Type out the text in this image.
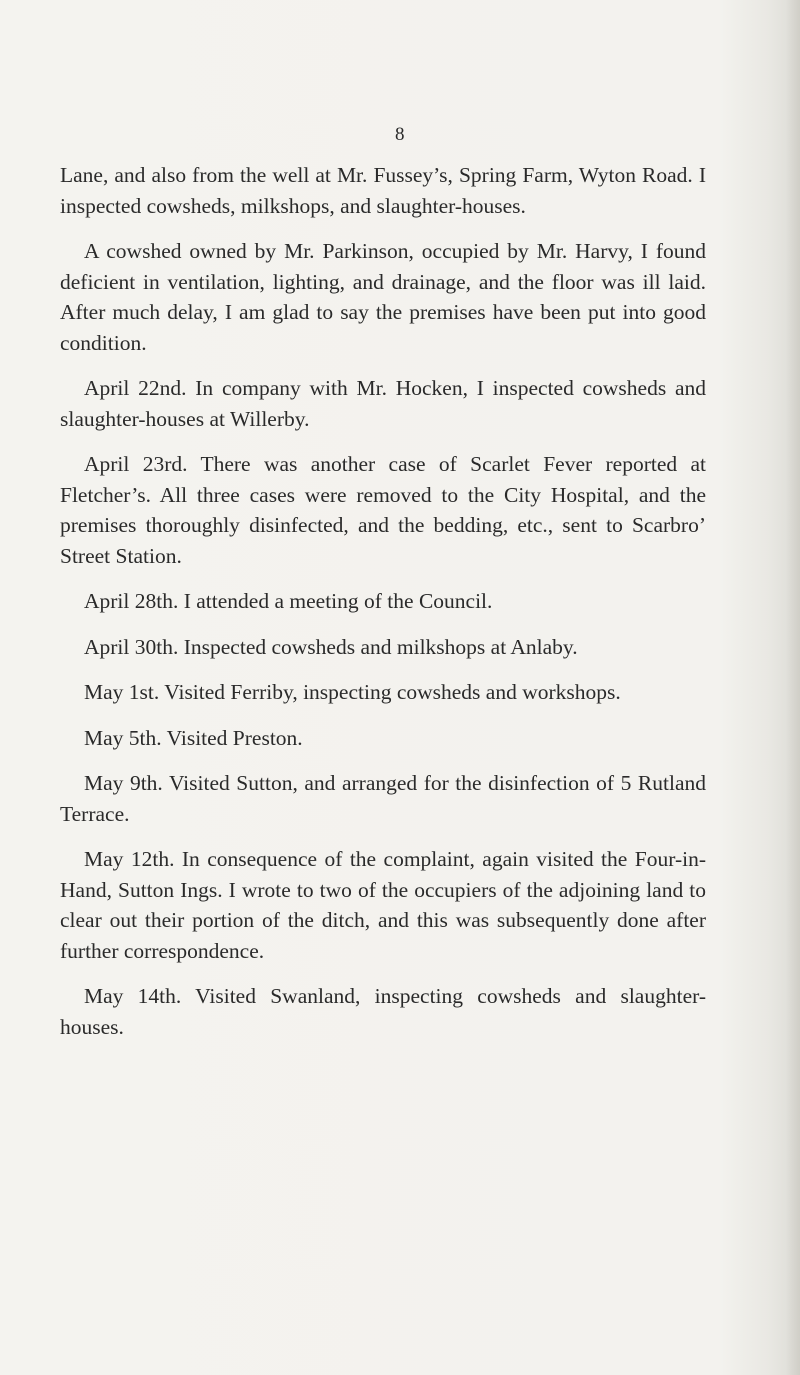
8

Lane, and also from the well at Mr. Fussey’s, Spring Farm, Wyton Road. I inspected cowsheds, milkshops, and slaughter-houses.

A cowshed owned by Mr. Parkinson, occupied by Mr. Harvy, I found deficient in ventilation, lighting, and drainage, and the floor was ill laid. After much delay, I am glad to say the premises have been put into good condition.

April 22nd. In company with Mr. Hocken, I inspected cowsheds and slaughter-houses at Willerby.

April 23rd. There was another case of Scarlet Fever reported at Fletcher’s. All three cases were removed to the City Hospital, and the premises thoroughly disinfected, and the bedding, etc., sent to Scarbro’ Street Station.

April 28th. I attended a meeting of the Council.

April 30th. Inspected cowsheds and milkshops at Anlaby.

May 1st. Visited Ferriby, inspecting cowsheds and workshops.

May 5th. Visited Preston.

May 9th. Visited Sutton, and arranged for the disinfection of 5 Rutland Terrace.

May 12th. In consequence of the complaint, again visited the Four-in-Hand, Sutton Ings. I wrote to two of the occupiers of the adjoining land to clear out their portion of the ditch, and this was subsequently done after further correspondence.

May 14th. Visited Swanland, inspecting cowsheds and slaughter-houses.
